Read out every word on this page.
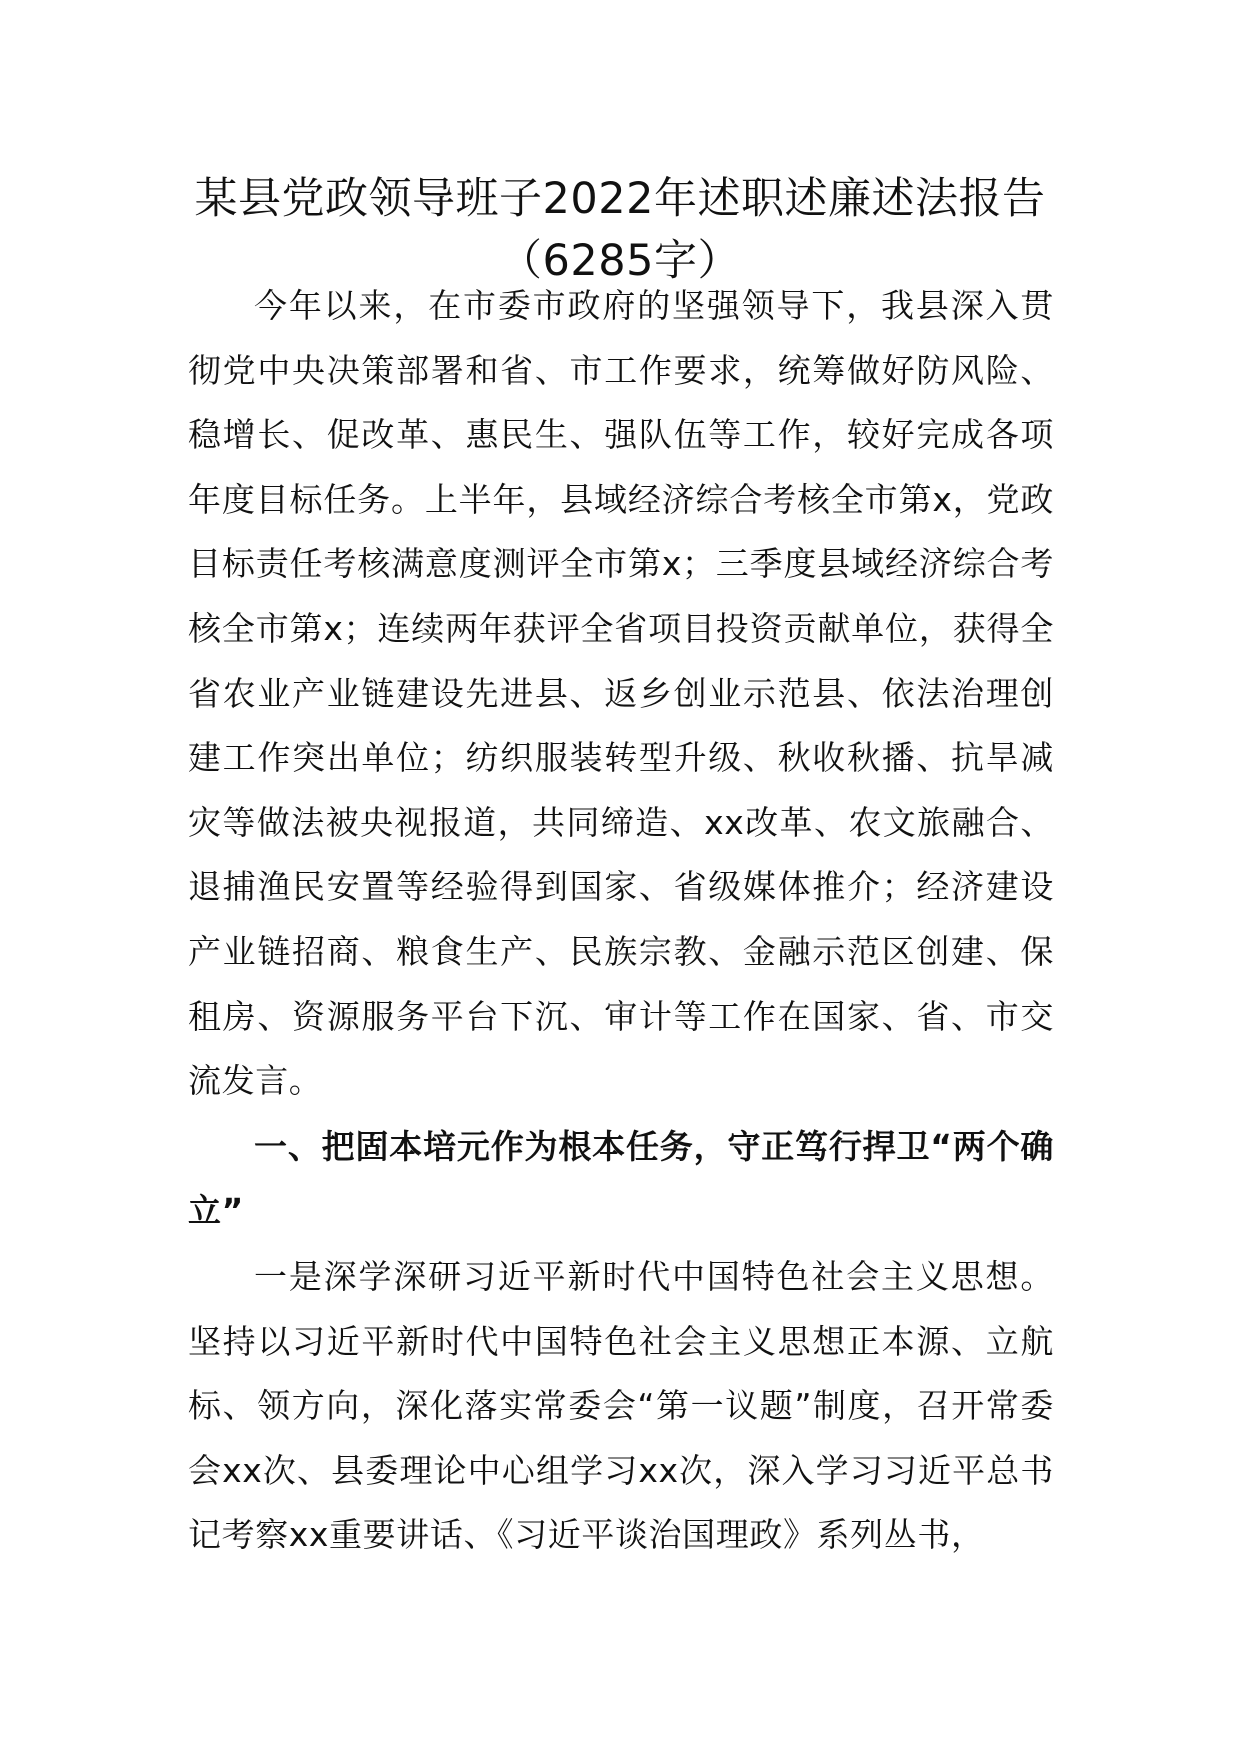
某县党政领导班子2022年述职述廉述法报告（6285字）

今年以来，在市委市政府的坚强领导下，我县深入贯彻党中央决策部署和省、市工作要求，统筹做好防风险、稳增长、促改革、惠民生、强队伍等工作，较好完成各项年度目标任务。上半年，县域经济综合考核全市第x，党政目标责任考核满意度测评全市第x；三季度县域经济综合考核全市第x；连续两年获评全省项目投资贡献单位，获得全省农业产业链建设先进县、返乡创业示范县、依法治理创建工作突出单位；纺织服装转型升级、秋收秋播、抗旱减灾等做法被央视报道，共同缔造、xx改革、农文旅融合、退捕渔民安置等经验得到国家、省级媒体推介；经济建设产业链招商、粮食生产、民族宗教、金融示范区创建、保租房、资源服务平台下沉、审计等工作在国家、省、市交流发言。

一、把固本培元作为根本任务，守正笃行捍卫“两个确立”

一是深学深研习近平新时代中国特色社会主义思想。坚持以习近平新时代中国特色社会主义思想正本源、立航标、领方向，深化落实常委会“第一议题”制度，召开常委会xx次、县委理论中心组学习xx次，深入学习习近平总书记考察xx重要讲话、《习近平谈治国理政》系列丛书，
